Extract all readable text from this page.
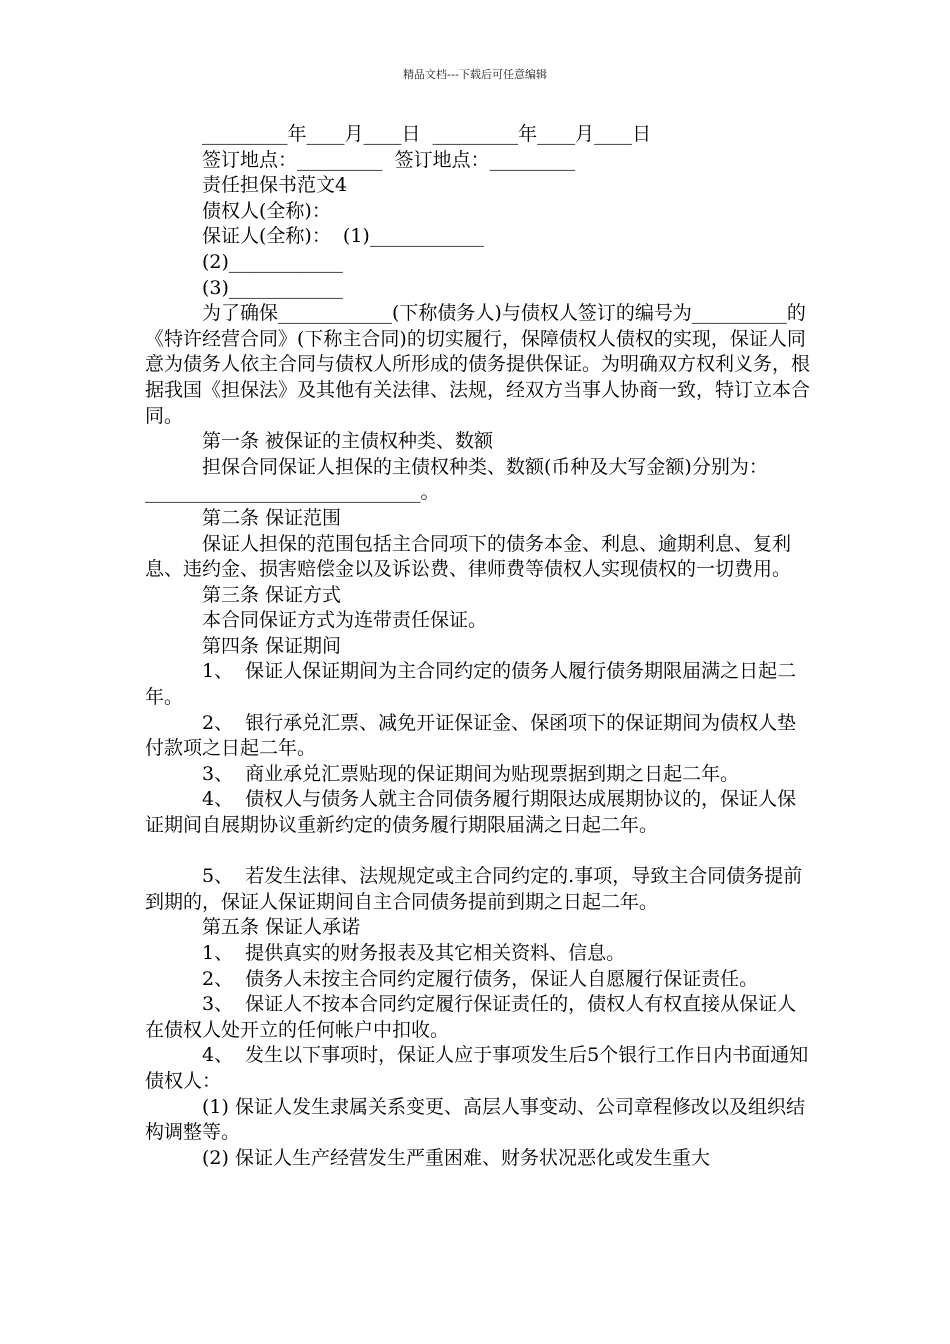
精品文档---下载后可任意编辑

_________年____月____日  _________年____月____日

签订地点：_________  签订地点：_________

责任担保书范文4

债权人(全称)：

保证人(全称)：  (1)____________

(2)____________

(3)____________

为了确保____________(下称债务人)与债权人签订的编号为__________的《特许经营合同》(下称主合同)的切实履行，保障债权人债权的实现，保证人同意为债务人依主合同与债权人所形成的债务提供保证。为明确双方权利义务，根据我国《担保法》及其他有关法律、法规，经双方当事人协商一致，特订立本合同。

第一条 被保证的主债权种类、数额

担保合同保证人担保的主债权种类、数额(币种及大写金额)分别为：_____________________________。

第二条 保证范围

保证人担保的范围包括主合同项下的债务本金、利息、逾期利息、复利息、违约金、损害赔偿金以及诉讼费、律师费等债权人实现债权的一切费用。

第三条 保证方式

本合同保证方式为连带责任保证。

第四条 保证期间

1、  保证人保证期间为主合同约定的债务人履行债务期限届满之日起二年。

2、  银行承兑汇票、减免开证保证金、保函项下的保证期间为债权人垫付款项之日起二年。

3、  商业承兑汇票贴现的保证期间为贴现票据到期之日起二年。

4、  债权人与债务人就主合同债务履行期限达成展期协议的，保证人保证期间自展期协议重新约定的债务履行期限届满之日起二年。

5、  若发生法律、法规规定或主合同约定的.事项，导致主合同债务提前到期的，保证人保证期间自主合同债务提前到期之日起二年。

第五条 保证人承诺

1、  提供真实的财务报表及其它相关资料、信息。

2、  债务人未按主合同约定履行债务，保证人自愿履行保证责任。

3、  保证人不按本合同约定履行保证责任的，债权人有权直接从保证人在债权人处开立的任何帐户中扣收。

4、  发生以下事项时，保证人应于事项发生后5个银行工作日内书面通知债权人：

(1) 保证人发生隶属关系变更、高层人事变动、公司章程修改以及组织结构调整等。

(2) 保证人生产经营发生严重困难、财务状况恶化或发生重大
